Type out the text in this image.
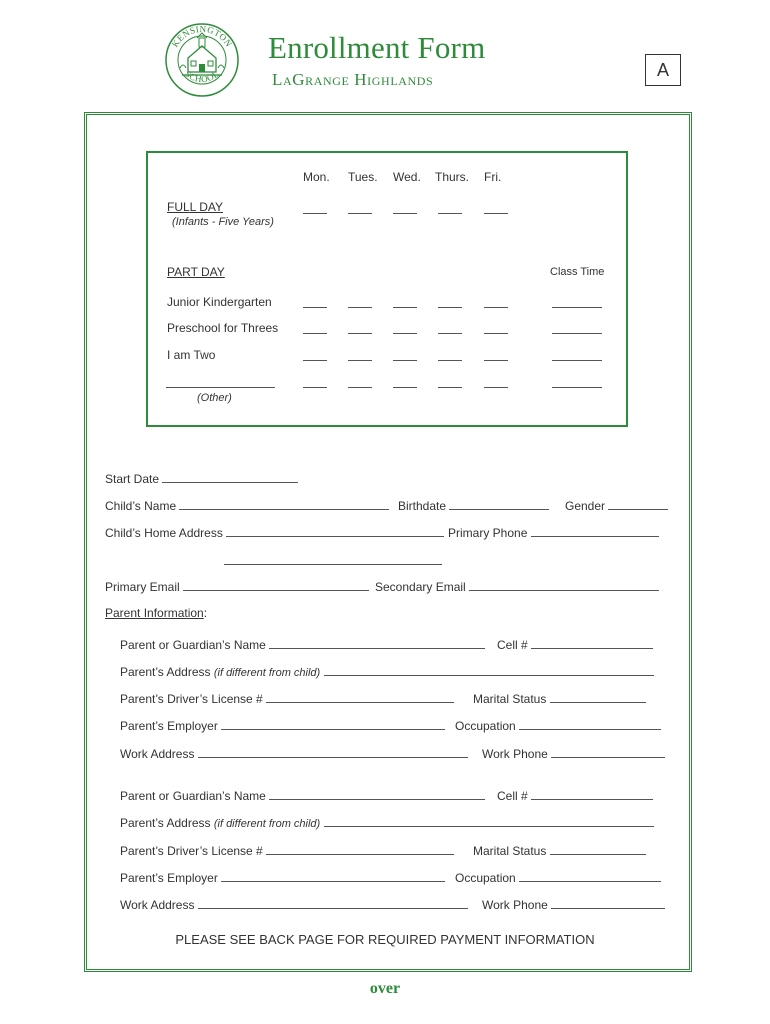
KENSINGTON
SCHOOL
Enrollment Form
LaGrange Highlands	A
Mon. Tues. Wed. Thurs. Fri.
FULL DAY
(Infants - Five Years)
PART DAY	Class Time
Junior Kindergarten
Preschool for Threes
I am Two
(Other)
Start Date
Child’s Name	Birthdate	Gender
Child’s Home Address	Primary Phone
Primary Email	Secondary Email
Parent Information:
Parent or Guardian’s Name	Cell #
Parent’s Address (if different from child)
Parent’s Driver’s License #	Marital Status
Parent’s Employer	Occupation
Work Address	Work Phone
Parent or Guardian’s Name	Cell #
Parent’s Address (if different from child)
Parent’s Driver’s License #	Marital Status
Parent’s Employer	Occupation
Work Address	Work Phone
PLEASE SEE BACK PAGE FOR REQUIRED PAYMENT INFORMATION
over
